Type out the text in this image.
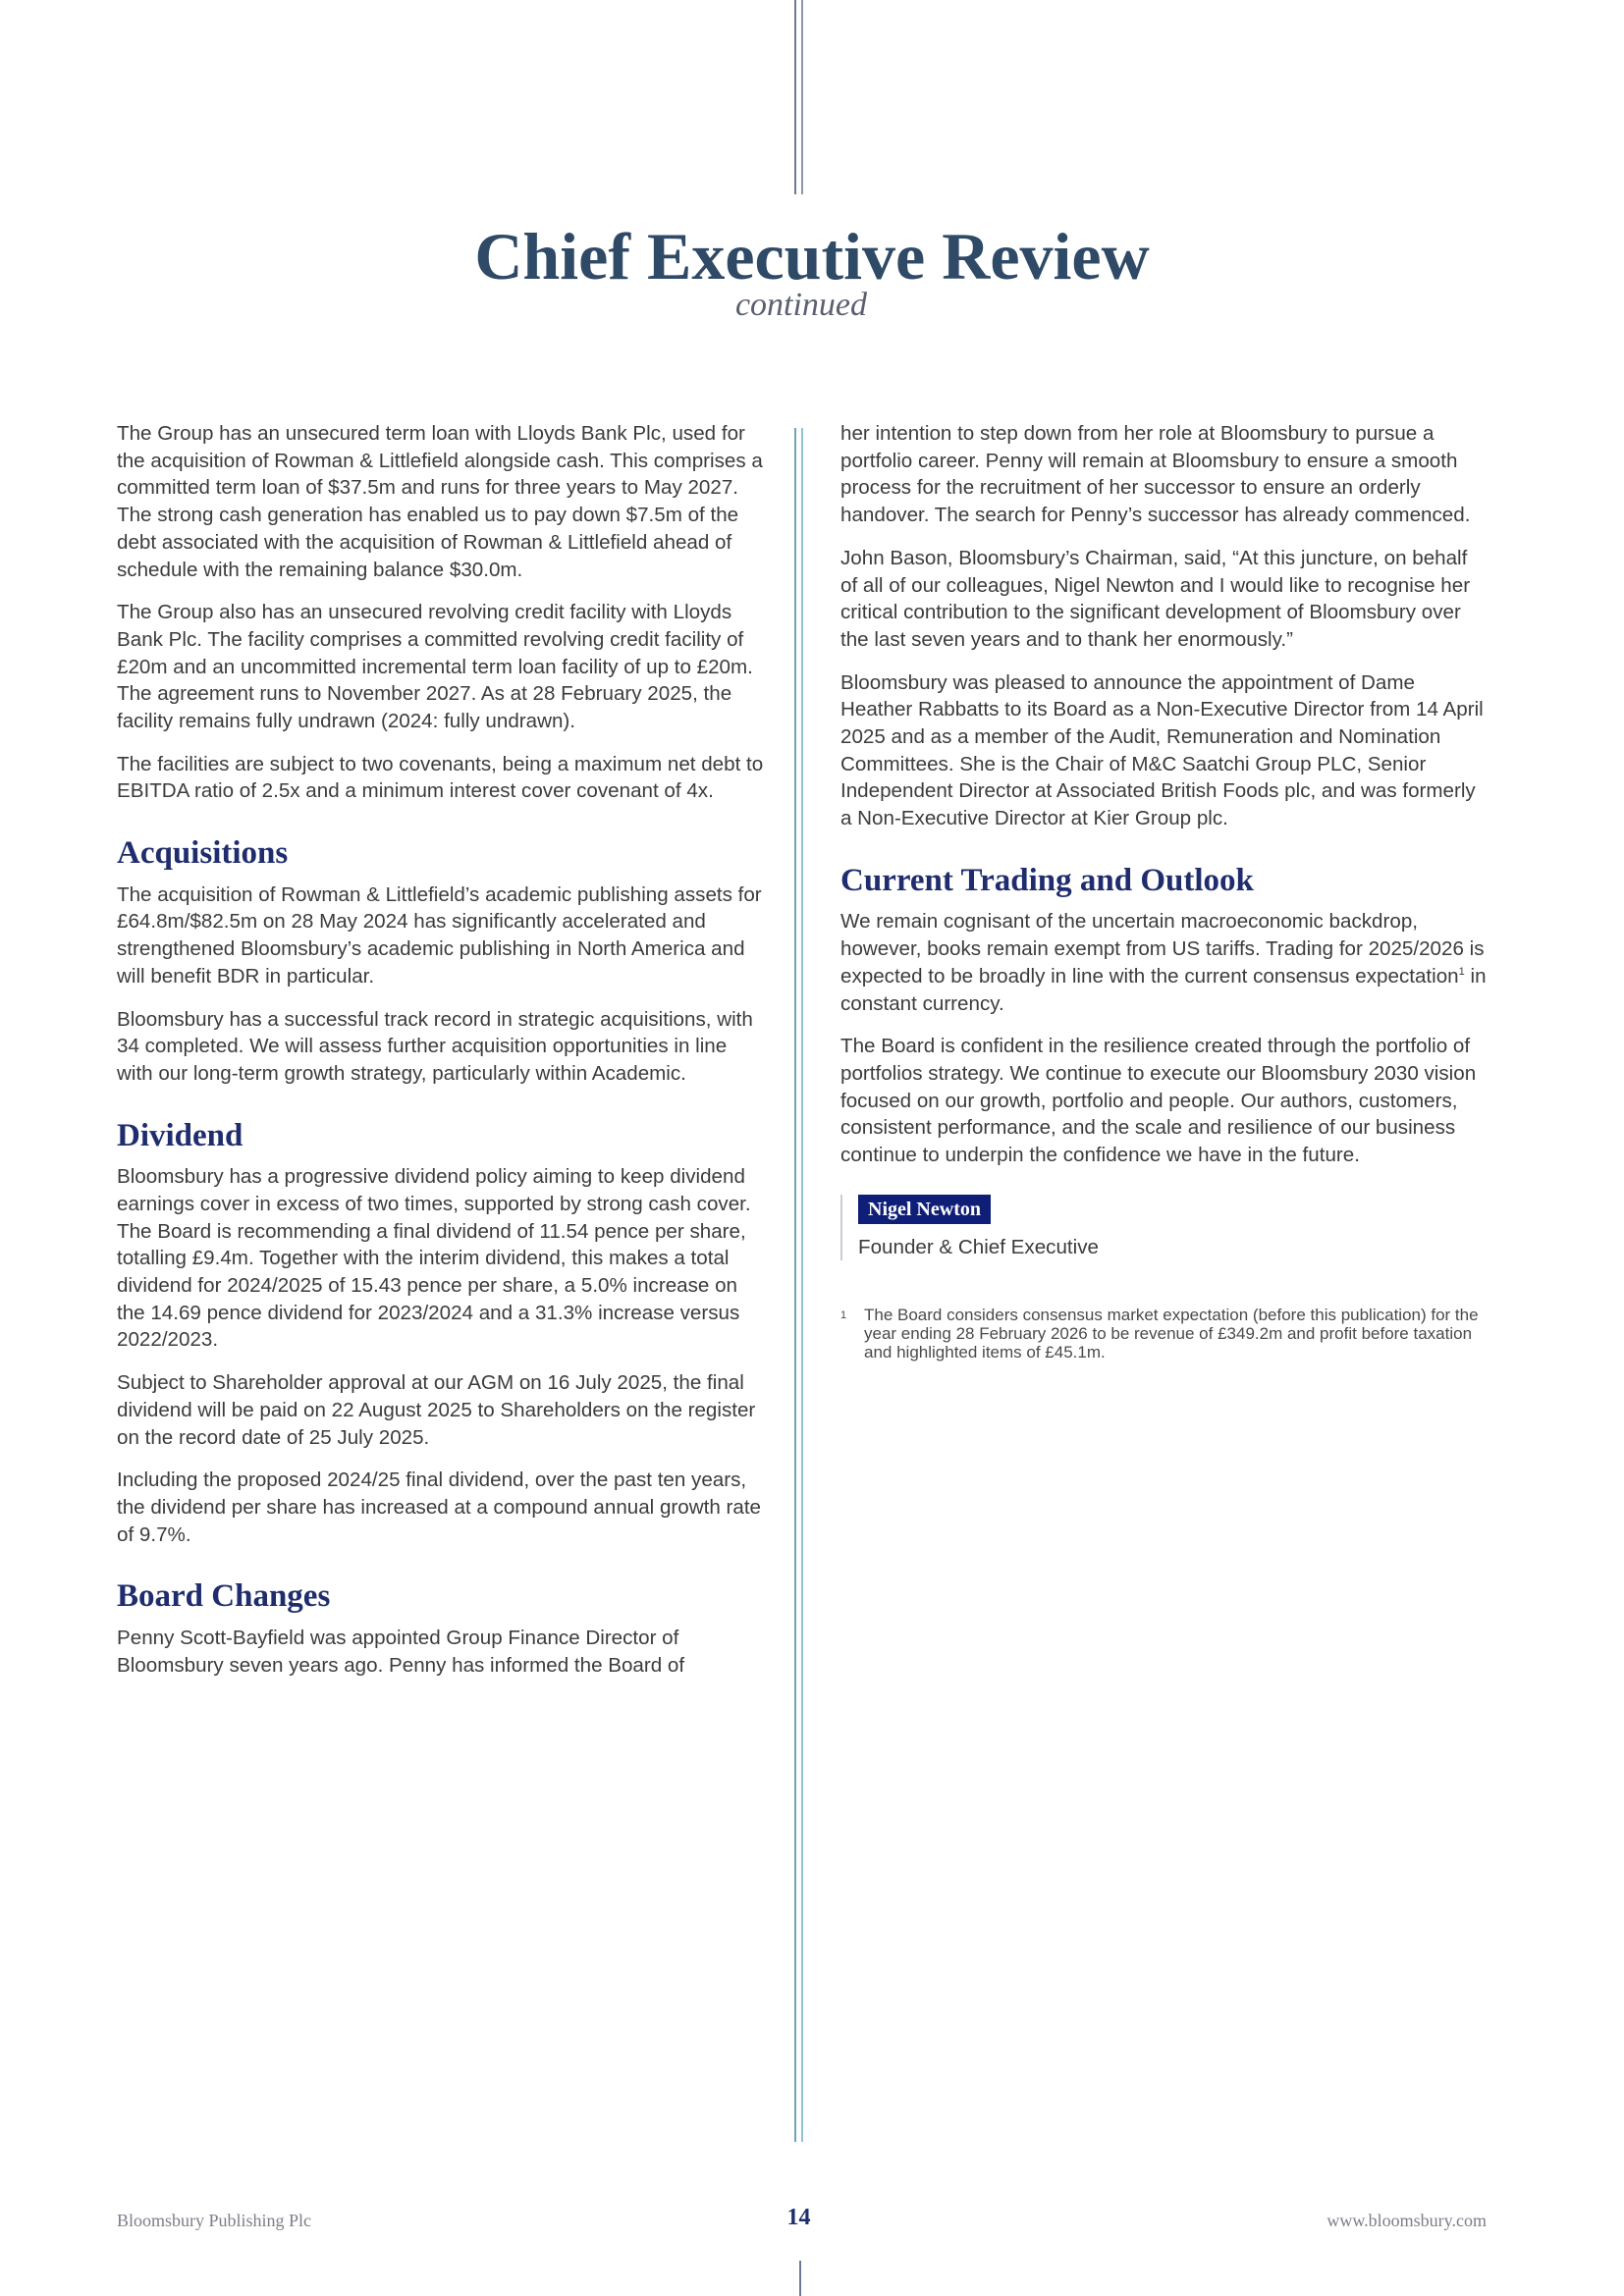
Chief Executive Review
continued

The Group has an unsecured term loan with Lloyds Bank Plc, used for the acquisition of Rowman & Littlefield alongside cash. This comprises a committed term loan of $37.5m and runs for three years to May 2027. The strong cash generation has enabled us to pay down $7.5m of the debt associated with the acquisition of Rowman & Littlefield ahead of schedule with the remaining balance $30.0m.

The Group also has an unsecured revolving credit facility with Lloyds Bank Plc. The facility comprises a committed revolving credit facility of £20m and an uncommitted incremental term loan facility of up to £20m. The agreement runs to November 2027. As at 28 February 2025, the facility remains fully undrawn (2024: fully undrawn).

The facilities are subject to two covenants, being a maximum net debt to EBITDA ratio of 2.5x and a minimum interest cover covenant of 4x.

Acquisitions

The acquisition of Rowman & Littlefield’s academic publishing assets for £64.8m/$82.5m on 28 May 2024 has significantly accelerated and strengthened Bloomsbury’s academic publishing in North America and will benefit BDR in particular.

Bloomsbury has a successful track record in strategic acquisitions, with 34 completed. We will assess further acquisition opportunities in line with our long-term growth strategy, particularly within Academic.

Dividend

Bloomsbury has a progressive dividend policy aiming to keep dividend earnings cover in excess of two times, supported by strong cash cover. The Board is recommending a final dividend of 11.54 pence per share, totalling £9.4m. Together with the interim dividend, this makes a total dividend for 2024/2025 of 15.43 pence per share, a 5.0% increase on the 14.69 pence dividend for 2023/2024 and a 31.3% increase versus 2022/2023.

Subject to Shareholder approval at our AGM on 16 July 2025, the final dividend will be paid on 22 August 2025 to Shareholders on the register on the record date of 25 July 2025.

Including the proposed 2024/25 final dividend, over the past ten years, the dividend per share has increased at a compound annual growth rate of 9.7%.

Board Changes

Penny Scott-Bayfield was appointed Group Finance Director of Bloomsbury seven years ago. Penny has informed the Board of

her intention to step down from her role at Bloomsbury to pursue a portfolio career. Penny will remain at Bloomsbury to ensure a smooth process for the recruitment of her successor to ensure an orderly handover. The search for Penny’s successor has already commenced.

John Bason, Bloomsbury’s Chairman, said, “At this juncture, on behalf of all of our colleagues, Nigel Newton and I would like to recognise her critical contribution to the significant development of Bloomsbury over the last seven years and to thank her enormously.”

Bloomsbury was pleased to announce the appointment of Dame Heather Rabbatts to its Board as a Non-Executive Director from 14 April 2025 and as a member of the Audit, Remuneration and Nomination Committees. She is the Chair of M&C Saatchi Group PLC, Senior Independent Director at Associated British Foods plc, and was formerly a Non-Executive Director at Kier Group plc.

Current Trading and Outlook

We remain cognisant of the uncertain macroeconomic backdrop, however, books remain exempt from US tariffs. Trading for 2025/2026 is expected to be broadly in line with the current consensus expectation$^1$ in constant currency.

The Board is confident in the resilience created through the portfolio of portfolios strategy. We continue to execute our Bloomsbury 2030 vision focused on our growth, portfolio and people. Our authors, customers, consistent performance, and the scale and resilience of our business continue to underpin the confidence we have in the future.

Nigel Newton
Founder & Chief Executive
1	The Board considers consensus market expectation (before this publication) for the year ending 28 February 2026 to be revenue of £349.2m and profit before taxation and highlighted items of £45.1m.
Bloomsbury Publishing Plc	14	www.bloomsbury.com
